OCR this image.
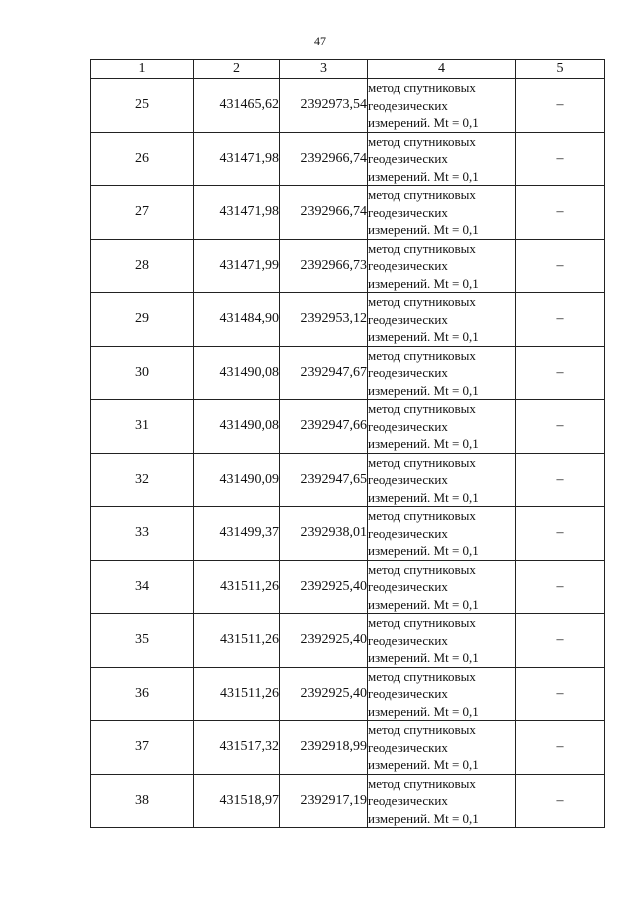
47
1	2	3	4	5
25	431465,62	2392973,54	метод спутниковых
геодезических
измерений. Mt = 0,1	–
26	431471,98	2392966,74	метод спутниковых
геодезических
измерений. Mt = 0,1	–
27	431471,98	2392966,74	метод спутниковых
геодезических
измерений. Mt = 0,1	–
28	431471,99	2392966,73	метод спутниковых
геодезических
измерений. Mt = 0,1	–
29	431484,90	2392953,12	метод спутниковых
геодезических
измерений. Mt = 0,1	–
30	431490,08	2392947,67	метод спутниковых
геодезических
измерений. Mt = 0,1	–
31	431490,08	2392947,66	метод спутниковых
геодезических
измерений. Mt = 0,1	–
32	431490,09	2392947,65	метод спутниковых
геодезических
измерений. Mt = 0,1	–
33	431499,37	2392938,01	метод спутниковых
геодезических
измерений. Mt = 0,1	–
34	431511,26	2392925,40	метод спутниковых
геодезических
измерений. Mt = 0,1	–
35	431511,26	2392925,40	метод спутниковых
геодезических
измерений. Mt = 0,1	–
36	431511,26	2392925,40	метод спутниковых
геодезических
измерений. Mt = 0,1	–
37	431517,32	2392918,99	метод спутниковых
геодезических
измерений. Mt = 0,1	–
38	431518,97	2392917,19	метод спутниковых
геодезических
измерений. Mt = 0,1	–
